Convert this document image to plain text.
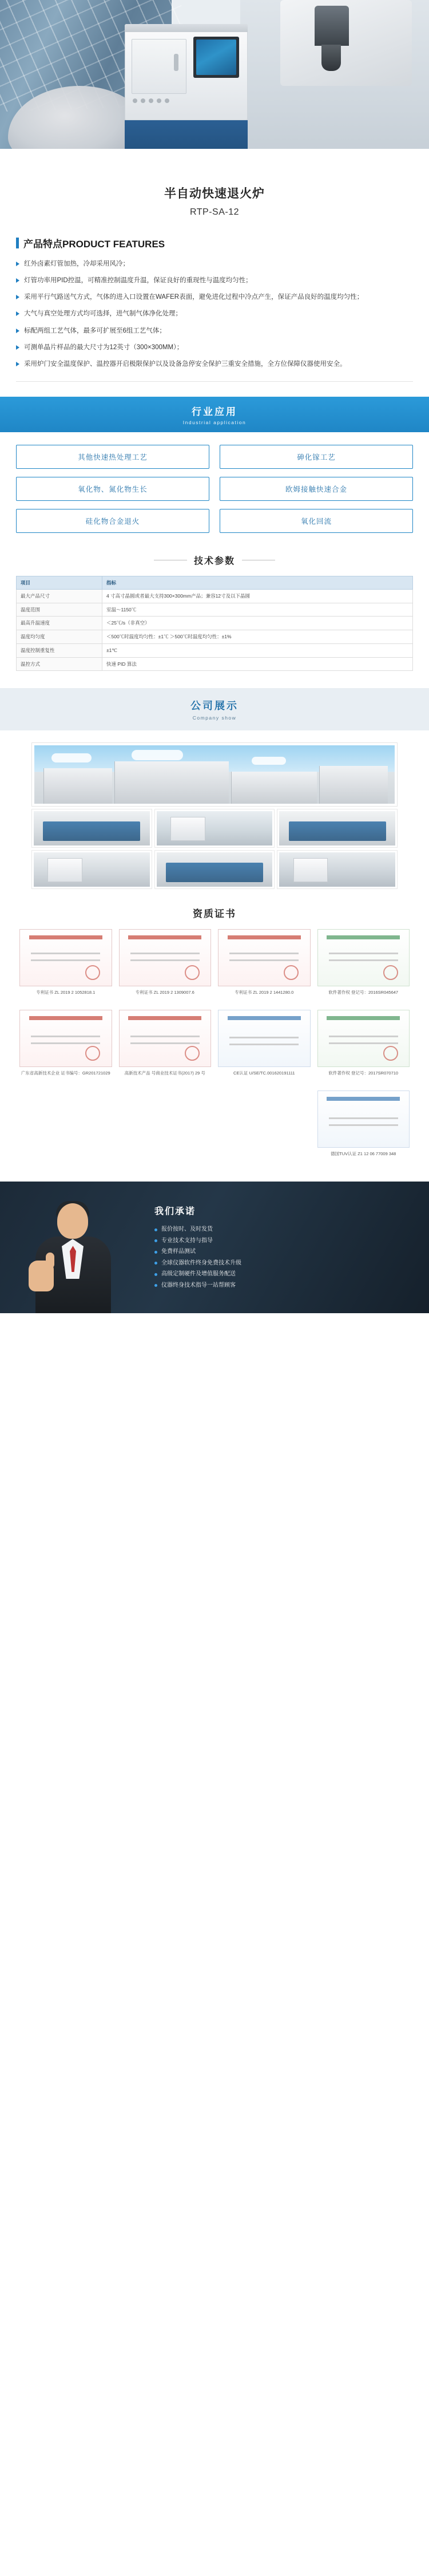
半自动快速退火炉
RTP-SA-12
产品特点PRODUCT FEATURES
红外卤素灯管加热，冷却采用风冷；
灯管功率用PID控温，可精准控制温度升温，保证良好的重现性与温度均匀性；
采用平行气路送气方式，气体的进入口设置在WAFER表面，避免进化过程中冷点产生，保证产品良好的温度均匀性；
大气与真空处理方式均可选择，进气制气体净化处理；
标配两组工艺气体，最多可扩展至6组工艺气体；
可测单晶片样品的最大尺寸为12英寸（300×300MM）；
采用炉门安全温度保护、温控器开启极限保护以及设备急停安全保护三重安全措施，全方位保障仪器使用安全。
行业应用

Industrial application

其他快速热处理工艺	砷化镓工艺
氧化物、氮化物生长	欧姆接触快速合金
硅化物合金退火	氧化回流
技术参数
项目	指标
最大产品尺寸	4 寸高寸晶圆或者最大支持300×300mm产品；兼容12寸及以下晶圆
温度范围	室温～1150℃
最高升温速度	＜25℃/s（非真空）
温度均匀度	＜500℃时温度均匀性：±1℃ ＞500℃时温度均匀性：±1%
温度控制重复性	±1℃
温控方式	快速 PID 算法
公司展示

Company show

资质证书
专利证书 ZL 2019 2 1052818.1	专利证书 ZL 2019 2 1309007.6	专利证书 ZL 2019 2 1441280.0	软件著作权 登记号：2016SR045647
广东省高新技术企业 证书编号：GR201721029	高新技术产品 号商业技术证书(2017) 29 号	CE认证 U/SE/TC.001620191111	软件著作权 登记号：2017SR070710
德国TUV认证 Z1 12 06 77009 348
我们承诺
报价按时、及时发货
专业技术支持与指导
免费样品测试
全球仪器软件终身免费技术升级
高级定制硬件及增值服务配送
仪器终身技术指导一站帮顾客
